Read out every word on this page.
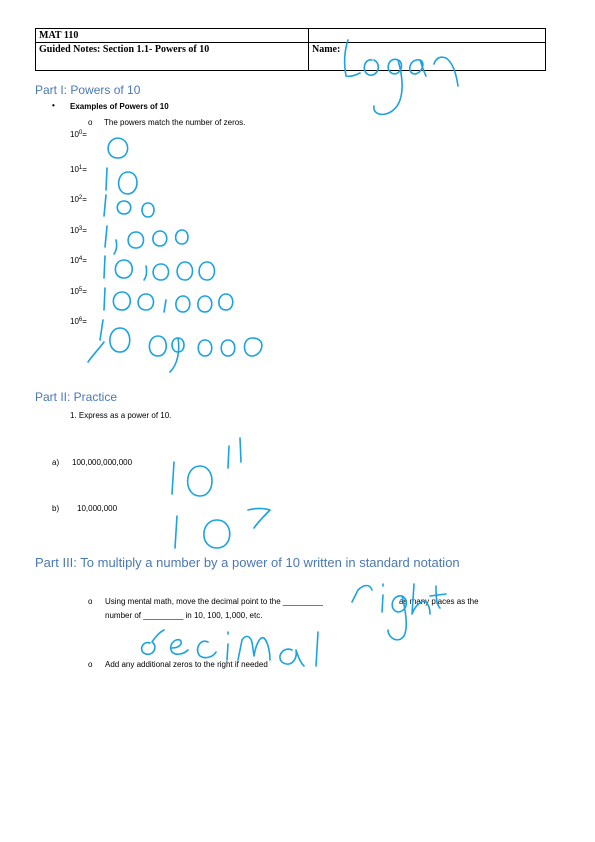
MAT 110	
Guided Notes: Section 1.1- Powers of 10	Name:
Part I: Powers of 10
• Examples of Powers of 10
o The powers match the number of zeros.
$10^0=$
$10^1=$
$10^2=$
$10^3=$
$10^4=$
$10^5=$
$10^6=$
Part II: Practice
1. Express as a power of 10.
a) 100,000,000,000
b) 10,000,000
Part III: To multiply a number by a power of 10 written in standard notation
o Using mental math, move the decimal point to the _________	as many places as the
number of _________ in 10, 100, 1,000, etc.
o Add any additional zeros to the right if needed
